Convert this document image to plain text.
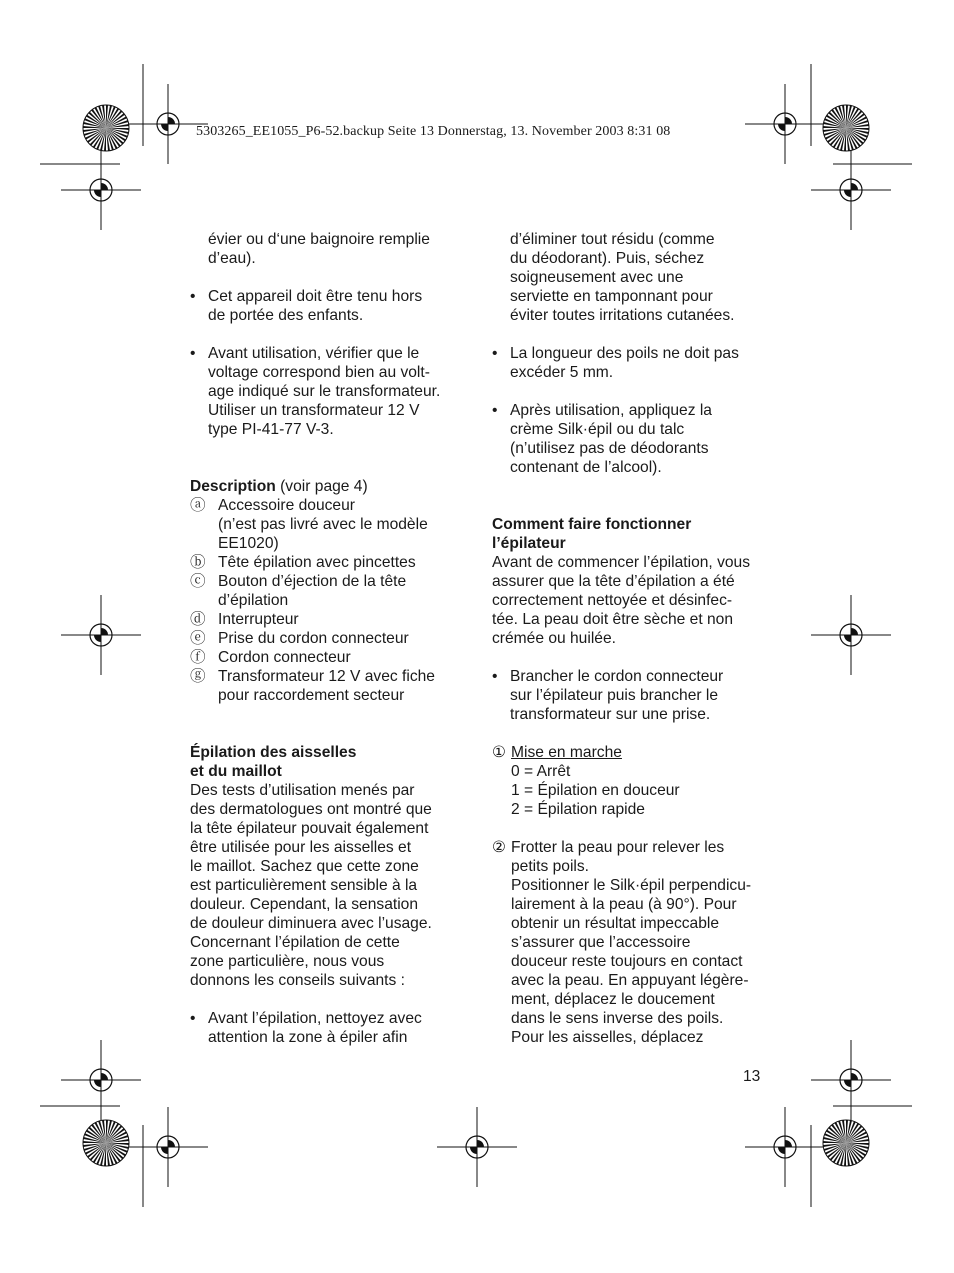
5303265_EE1055_P6-52.backup Seite 13 Donnerstag, 13. November 2003 8:31 08
évier ou d‘une baignoire remplie
d’eau).
• Cet appareil doit être tenu hors
de portée des enfants.
• Avant utilisation, vérifier que le
voltage correspond bien au volt-
age indiqué sur le transformateur.
Utiliser un transformateur 12 V
type PI-41-77 V-3.
Description (voir page 4)
ⓐ Accessoire douceur
(n’est pas livré avec le modèle
EE1020)
ⓑ Tête épilation avec pincettes
ⓒ Bouton d’éjection de la tête
d’épilation
ⓓ Interrupteur
ⓔ Prise du cordon connecteur
ⓕ Cordon connecteur
ⓖ Transformateur 12 V avec fiche
pour raccordement secteur
Épilation des aisselles
et du maillot
Des tests d’utilisation menés par
des dermatologues ont montré que
la tête épilateur pouvait également
être utilisée pour les aisselles et
le maillot. Sachez que cette zone
est particulièrement sensible à la
douleur. Cependant, la sensation
de douleur diminuera avec l’usage.
Concernant l’épilation de cette
zone particulière, nous vous
donnons les conseils suivants :
• Avant l’épilation, nettoyez avec
attention la zone à épiler afin
d’éliminer tout résidu (comme
du déodorant). Puis, séchez
soigneusement avec une
serviette en tamponnant pour
éviter toutes irritations cutanées.
• La longueur des poils ne doit pas
excéder 5 mm.
• Après utilisation, appliquez la
crème Silk·épil ou du talc
(n’utilisez pas de déodorants
contenant de l’alcool).
Comment faire fonctionner
l’épilateur
Avant de commencer l’épilation, vous
assurer que la tête d’épilation a été
correctement nettoyée et désinfec-
tée. La peau doit être sèche et non
crémée ou huilée.
• Brancher le cordon connecteur
sur l’épilateur puis brancher le
transformateur sur une prise.
① Mise en marche
0 = Arrêt
1 = Épilation en douceur
2 = Épilation rapide
② Frotter la peau pour relever les
petits poils.
Positionner le Silk·épil perpendicu-
lairement à la peau (à 90°). Pour
obtenir un résultat impeccable
s’assurer que l’accessoire
douceur reste toujours en contact
avec la peau. En appuyant légère-
ment, déplacez le doucement
dans le sens inverse des poils.
Pour les aisselles, déplacez
13
